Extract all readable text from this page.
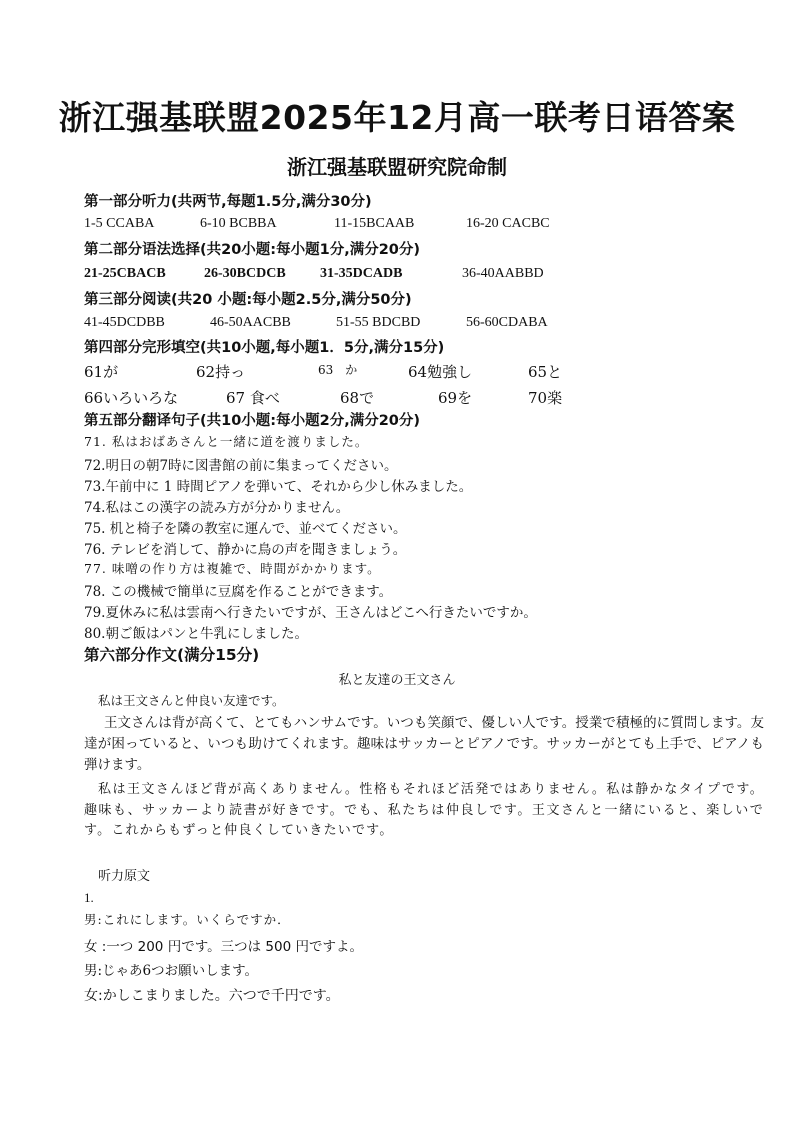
浙江强基联盟2025年12月高一联考日语答案
浙江强基联盟研究院命制
第一部分听力(共两节,每题1.5分,满分30分)
1-5 CCABA	6-10 BCBBA	11-15BCAAB	16-20 CACBC
第二部分语法选择(共20小题:每小题1分,满分20分)
21-25CBACB	26-30BCDCB 31-35DCADB	36-40AABBD
第三部分阅读(共20 小题:每小题2.5分,满分50分)
41-45DCDBB	46-50AACBB	51-55 BDCBD	56-60CDABA
第四部分完形填空(共10小题,每小题1．5分,满分15分)
61が	62持っ	63　か	64勉強し	65と
66いろいろな	67 食べ	68で	69を	70楽
第五部分翻译句子(共10小题:每小题2分,满分20分)
71. 私はおばあさんと一緒に道を渡りました。
72.明日の朝7時に図書館の前に集まってください。
73.午前中に 1 時間ピアノを弾いて、それから少し休みました。
74.私はこの漢字の読み方が分かりません。
75. 机と椅子を隣の教室に運んで、並べてください。
76. テレビを消して、静かに鳥の声を聞きましょう。
77. 味噌の作り方は複雑で、時間がかかります。
78. この機械で簡単に豆腐を作ることができます。
79.夏休みに私は雲南へ行きたいですが、王さんはどこへ行きたいですか。
80.朝ご飯はパンと牛乳にしました。
第六部分作文(满分15分)
私と友達の王文さん
私は王文さんと仲良い友達です。
王文さんは背が高くて、とてもハンサムです。いつも笑顔で、優しい人です。授業で積極的に質問します。友達が困っていると、いつも助けてくれます。趣味はサッカーとピアノです。サッカーがとても上手で、ピアノも弾けます。
私は王文さんほど背が高くありません。性格もそれほど活発ではありません。私は静かなタイプです。趣味も、サッカーより読書が好きです。でも、私たちは仲良しです。王文さんと一緒にいると、楽しいです。これからもずっと仲良くしていきたいです。
听力原文
1.
男:これにします。いくらですか．
女 :一つ 200 円です。三つは 500 円ですよ。
男:じゃあ6つお願いします。
女:かしこまりました。六つで千円です。
